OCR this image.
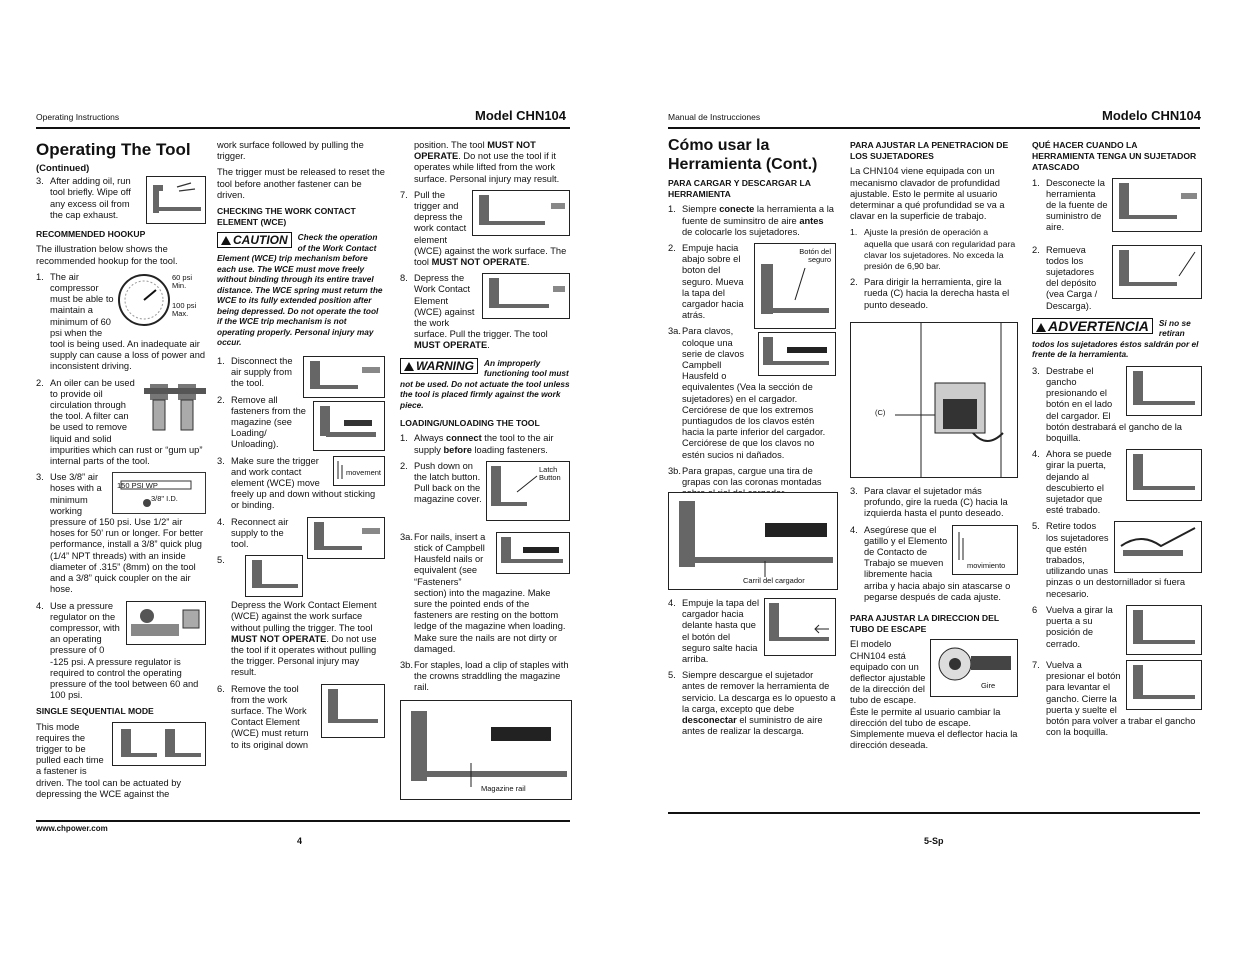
Operating Instructions	Model CHN104
Operating The Tool
(Continued)
3. After adding oil, run tool briefly. Wipe off any excess oil from the cap exhaust.
RECOMMENDED HOOKUP

The illustration below shows the recommended hookup for the tool.

60 psi Min.
100 psi Max.
1. The air compressor must be able to maintain a minimum of 60 psi when the tool is being used. An inadequate air supply can cause a loss of power and inconsistent driving.
2. An oiler can be used to provide oil circulation through the tool. A filter can be used to remove liquid and solid impurities which can rust or “gum up” internal parts of the tool.
150 PSI WP
3/8" I.D.
3. Use 3/8” air hoses with a minimum working pressure of 150 psi. Use 1/2” air hoses for 50’ run or longer. For better performance, install a 3/8” quick plug (1/4” NPT threads) with an inside diameter of .315” (8mm) on the tool and a 3/8” quick coupler on the air hose.
4. Use a pressure regulator on the compressor, with an operating pressure of 0 -125 psi. A pressure regulator is required to control the operating pressure of the tool between 60 and 100 psi.
SINGLE SEQUENTIAL MODE
This mode requires the trigger to be pulled each time a fastener is driven. The tool can be actuated by depressing the WCE against the

work surface followed by pulling the trigger.

The trigger must be released to reset the tool before another fastener can be driven.

CHECKING THE WORK CONTACT ELEMENT (WCE)
CAUTION	Check the operation of the Work Contact Element (WCE) trip mechanism before each use. The WCE must move freely without binding through its entire travel distance. The WCE spring must return the WCE to its fully extended position after being depressed. Do not operate the tool if the WCE trip mechanism is not operating properly. Personal injury may occur.
1. Disconnect the air supply from the tool.
2. Remove all fasteners from the magazine (see Loading/ Unloading).
movement
3. Make sure the trigger and work contact element (WCE) move freely up and down without sticking or binding.
4. Reconnect air supply to the tool.
5.
Depress the Work Contact Element (WCE) against the work surface without pulling the trigger. The tool MUST NOT OPERATE. Do not use the tool if it operates without pulling the trigger. Personal injury may result.
6. Remove the tool from the work surface. The Work Contact Element (WCE) must return to its original down

position. The tool MUST NOT OPERATE. Do not use the tool if it operates while lifted from the work surface. Personal injury may result.

7. Pull the trigger and depress the work contact element (WCE) against the work surface. The tool MUST NOT OPERATE.
8. Depress the Work Contact Element (WCE) against the work surface. Pull the trigger. The tool MUST OPERATE.
WARNING	An improperly functioning tool must not be used. Do not actuate the tool unless the tool is placed firmly against the work piece.
LOADING/UNLOADING THE TOOL
1. Always connect the tool to the air supply before loading fasteners.
Latch Button
2. Push down on the latch button. Pull back on the magazine cover.
3a. For nails, insert a stick of Campbell Hausfeld nails or equivalent (see “Fasteners” section) into the magazine. Make sure the pointed ends of the fasteners are resting on the bottom ledge of the magazine when loading. Make sure the nails are not dirty or damaged.
3b. For staples, load a clip of staples with the crowns straddling the magazine rail.
Magazine rail
www.chpower.com
4
Manual de Instrucciones	Modelo CHN104
Cómo usar la Herramienta (Cont.)
PARA CARGAR Y DESCARGAR LA HERRAMIENTA
1. Siempre conecte la herramienta a la fuente de suminsitro de aire antes de colocarle los sujetadores.
Botón del seguro
2. Empuje hacia abajo sobre el boton del seguro. Mueva la tapa del cargador hacia atrás.
3a. Para clavos, coloque una serie de clavos Campbell Hausfeld o equivalentes (Vea la sección de sujetadores) en el cargador. Cerciórese de que los extremos puntiagudos de los clavos estén hacia la parte inferior del cargador. Cerciórese de que los clavos no estén sucios ni dañados.
3b. Para grapas, cargue una tira de grapas con las coronas montadas
Carril del cargador
4. Empuje la tapa del cargador hacia delante hasta que el botón del seguro salte hacia arriba.
5. Siempre descargue el sujetador antes de remover la herramienta de servicio. La descarga es lo opuesto a la carga, excepto que debe desconectar el suministro de aire antes de realizar la descarga.
PARA AJUSTAR LA PENETRACION DE LOS SUJETADORES

La CHN104 viene equipada con un mecanismo clavador de profundidad ajustable. Esto le permite al usuario determinar a qué profundidad se va a clavar en la superficie de trabajo.

1. Ajuste la presión de operación a aquella que usará con regularidad para clavar los sujetadores. No exceda la presión de 6,90 bar.
2. Para dirigir la herramienta, gire la rueda (C) hacia la derecha hasta el punto deseado.
(C)
3. Para clavar el sujetador más profundo, gire la rueda (C) hacia la izquierda hasta el punto deseado.
movimiento
4. Asegúrese que el gatillo y el Elemento de Contacto de Trabajo se mueven libremente hacia arriba y hacia abajo sin atascarse o pegarse después de cada ajuste.
PARA AJUSTAR LA DIRECCION DEL TUBO DE ESCAPE
Gire
El modelo CHN104 está equipado con un deflector ajustable de la dirección del tubo de escape. Éste le permite al usuario cambiar la dirección del tubo de escape. Simplemente mueva el deflector hacia la dirección deseada.
QUÉ HACER CUANDO LA HERRAMIENTA TENGA UN SUJETADOR ATASCADO
1. Desconecte la herramienta de la fuente de suministro de aire.
2. Remueva todos los sujetadores del depósito (vea Carga / Descarga).
ADVERTENCIA	Si no se retiran todos los sujetadores éstos saldrán por el frente de la herramienta.
3. Destrabe el gancho presionando el botón en el lado del cargador. El botón destrabará el gancho de la boquilla.
4. Ahora se puede girar la puerta, dejando al descubierto el sujetador que esté trabado.
5. Retire todos los sujetadores que estén trabados, utilizando unas pinzas o un destornillador si fuera necesario.
6 Vuelva a girar la puerta a su posición de cerrado.
7. Vuelva a presionar el botón para levantar el gancho. Cierre la puerta y suelte el botón para volver a trabar el gancho con la boquilla.
5-Sp
